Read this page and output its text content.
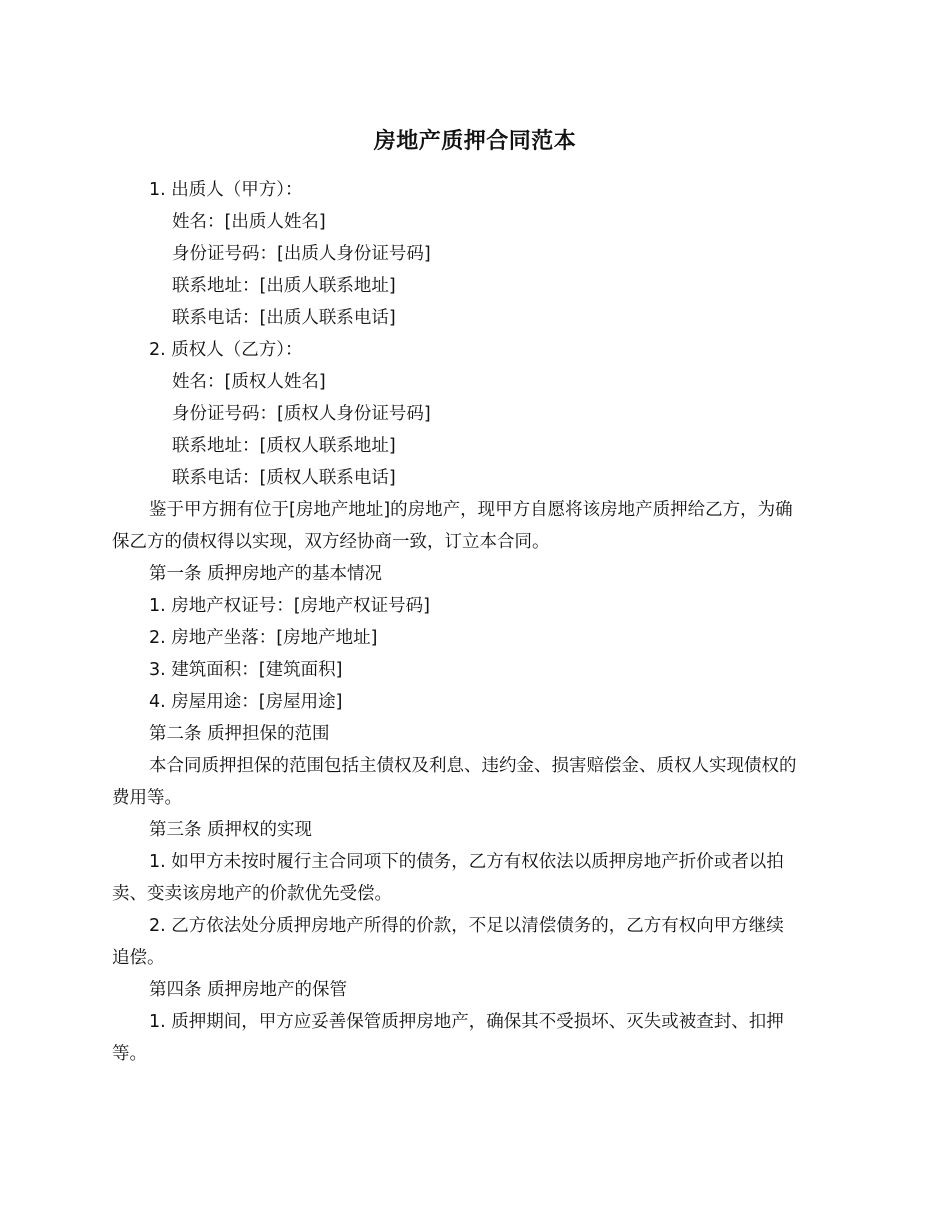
房地产质押合同范本

1. 出质人（甲方）：

姓名：[出质人姓名]

身份证号码：[出质人身份证号码]

联系地址：[出质人联系地址]

联系电话：[出质人联系电话]

2. 质权人（乙方）：

姓名：[质权人姓名]

身份证号码：[质权人身份证号码]

联系地址：[质权人联系地址]

联系电话：[质权人联系电话]

鉴于甲方拥有位于[房地产地址]的房地产，现甲方自愿将该房地产质押给乙方，为确

保乙方的债权得以实现，双方经协商一致，订立本合同。

第一条 质押房地产的基本情况

1. 房地产权证号：[房地产权证号码]

2. 房地产坐落：[房地产地址]

3. 建筑面积：[建筑面积]

4. 房屋用途：[房屋用途]

第二条 质押担保的范围

本合同质押担保的范围包括主债权及利息、违约金、损害赔偿金、质权人实现债权的

费用等。

第三条 质押权的实现

1. 如甲方未按时履行主合同项下的债务，乙方有权依法以质押房地产折价或者以拍

卖、变卖该房地产的价款优先受偿。

2. 乙方依法处分质押房地产所得的价款，不足以清偿债务的，乙方有权向甲方继续

追偿。

第四条 质押房地产的保管

1. 质押期间，甲方应妥善保管质押房地产，确保其不受损坏、灭失或被查封、扣押

等。
